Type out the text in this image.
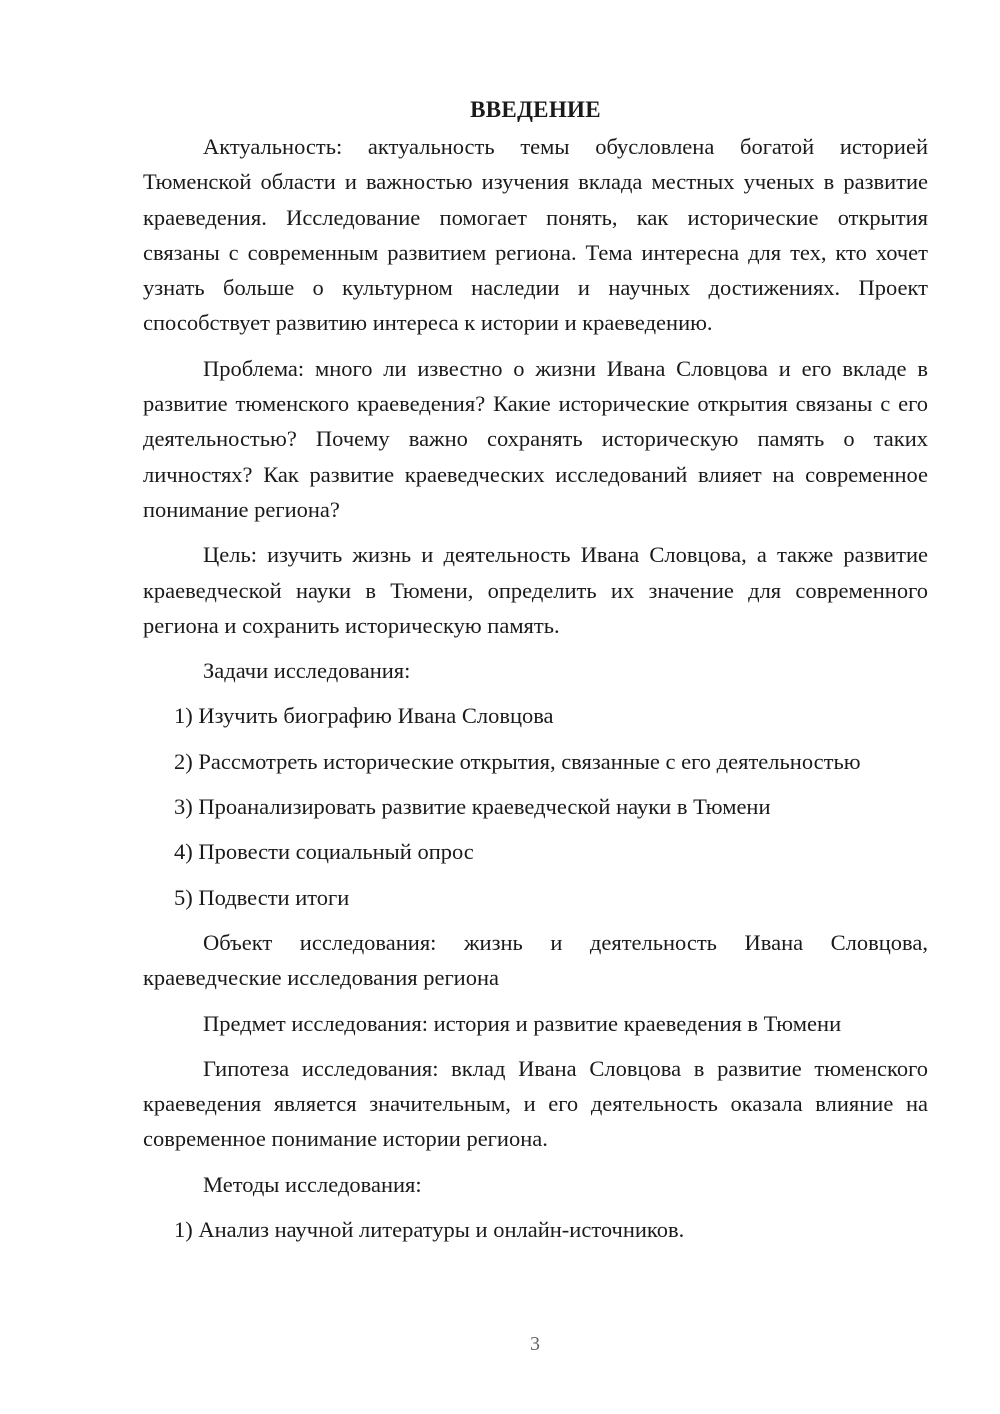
ВВЕДЕНИЕ

Актуальность: актуальность темы обусловлена богатой историей Тюменской области и важностью изучения вклада местных ученых в развитие краеведения. Исследование помогает понять, как исторические открытия связаны с современным развитием региона. Тема интересна для тех, кто хочет узнать больше о культурном наследии и научных достижениях. Проект способствует развитию интереса к истории и краеведению.

Проблема: много ли известно о жизни Ивана Словцова и его вкладе в развитие тюменского краеведения? Какие исторические открытия связаны с его деятельностью? Почему важно сохранять историческую память о таких личностях? Как развитие краеведческих исследований влияет на современное понимание региона?

Цель: изучить жизнь и деятельность Ивана Словцова, а также развитие краеведческой науки в Тюмени, определить их значение для современного региона и сохранить историческую память.

Задачи исследования:

1) Изучить биографию Ивана Словцова
2) Рассмотреть исторические открытия, связанные с его деятельностью
3) Проанализировать развитие краеведческой науки в Тюмени
4) Провести социальный опрос
5) Подвести итоги

Объект исследования: жизнь и деятельность Ивана Словцова, краеведческие исследования региона

Предмет исследования: история и развитие краеведения в Тюмени

Гипотеза исследования: вклад Ивана Словцова в развитие тюменского краеведения является значительным, и его деятельность оказала влияние на современное понимание истории региона.

Методы исследования:

1) Анализ научной литературы и онлайн-источников.
3
